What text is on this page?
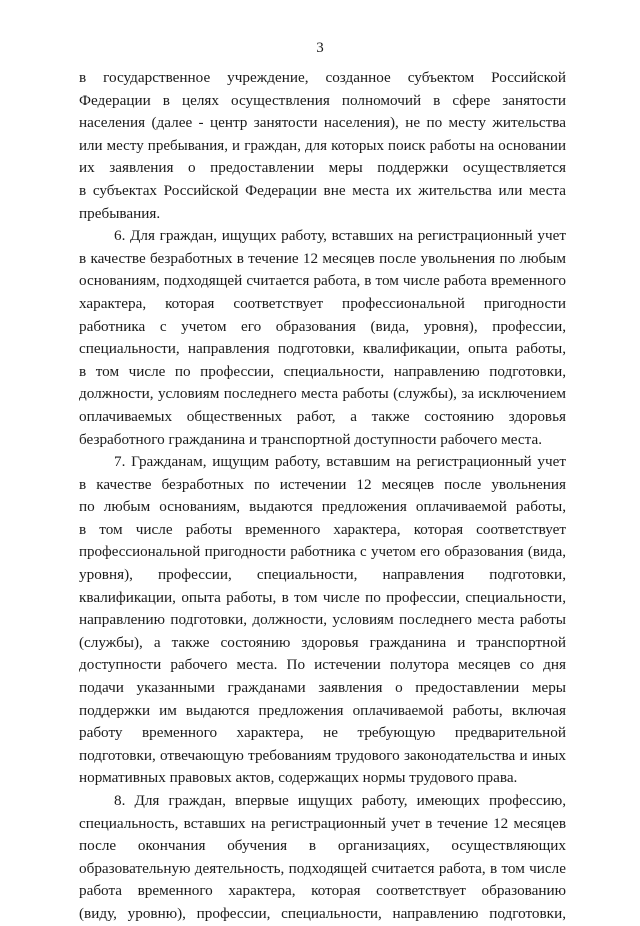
3
в государственное учреждение, созданное субъектом Российской
Федерации в целях осуществления полномочий в сфере занятости
населения (далее - центр занятости населения), не по месту жительства
или месту пребывания, и граждан, для которых поиск работы на основании
их заявления о предоставлении меры поддержки осуществляется
в субъектах Российской Федерации вне места их жительства или места
пребывания.
6. Для граждан, ищущих работу, вставших на регистрационный учет
в качестве безработных в течение 12 месяцев после увольнения по любым
основаниям, подходящей считается работа, в том числе работа временного
характера, которая соответствует профессиональной пригодности
работника с учетом его образования (вида, уровня), профессии,
специальности, направления подготовки, квалификации, опыта работы,
в том числе по профессии, специальности, направлению подготовки,
должности, условиям последнего места работы (службы), за исключением
оплачиваемых общественных работ, а также состоянию здоровья
безработного гражданина и транспортной доступности рабочего места.
7. Гражданам, ищущим работу, вставшим на регистрационный учет
в качестве безработных по истечении 12 месяцев после увольнения
по любым основаниям, выдаются предложения оплачиваемой работы,
в том числе работы временного характера, которая соответствует
профессиональной пригодности работника с учетом его образования (вида,
уровня), профессии, специальности, направления подготовки,
квалификации, опыта работы, в том числе по профессии, специальности,
направлению подготовки, должности, условиям последнего места работы
(службы), а также состоянию здоровья гражданина и транспортной
доступности рабочего места. По истечении полутора месяцев со дня
подачи указанными гражданами заявления о предоставлении меры
поддержки им выдаются предложения оплачиваемой работы, включая
работу временного характера, не требующую предварительной
подготовки, отвечающую требованиям трудового законодательства и иных
нормативных правовых актов, содержащих нормы трудового права.
8. Для граждан, впервые ищущих работу, имеющих профессию,
специальность, вставших на регистрационный учет в течение 12 месяцев
после окончания обучения в организациях, осуществляющих
образовательную деятельность, подходящей считается работа, в том числе
работа временного характера, которая соответствует образованию
(виду, уровню), профессии, специальности, направлению подготовки,
